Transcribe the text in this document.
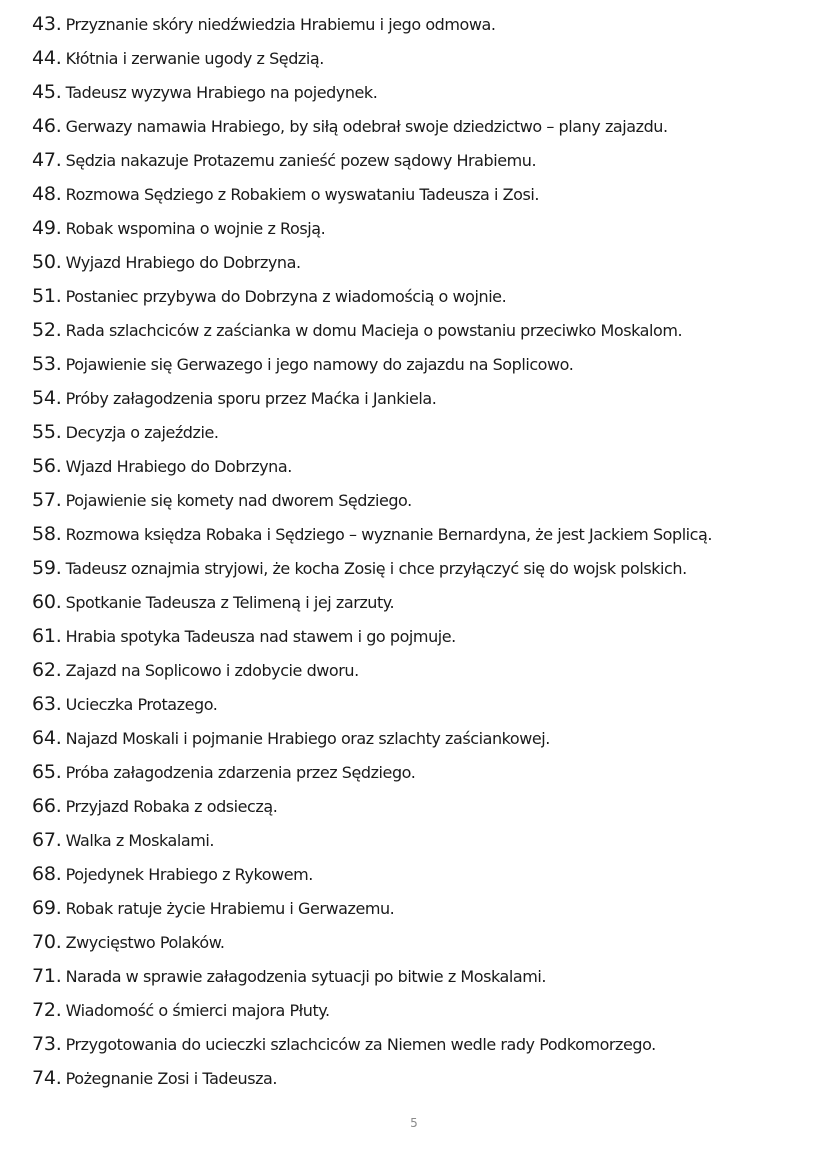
43. Przyznanie skóry niedźwiedzia Hrabiemu i jego odmowa.
44. Kłótnia i zerwanie ugody z Sędzią.
45. Tadeusz wyzywa Hrabiego na pojedynek.
46. Gerwazy namawia Hrabiego, by siłą odebrał swoje dziedzictwo – plany zajazdu.
47. Sędzia nakazuje Protazemu zanieść pozew sądowy Hrabiemu.
48. Rozmowa Sędziego z Robakiem o wyswataniu Tadeusza i Zosi.
49. Robak wspomina o wojnie z Rosją.
50. Wyjazd Hrabiego do Dobrzyna.
51. Postaniec przybywa do Dobrzyna z wiadomością o wojnie.
52. Rada szlachciców z zaścianka w domu Macieja o powstaniu przeciwko Moskalom.
53. Pojawienie się Gerwazego i jego namowy do zajazdu na Soplicowo.
54. Próby załagodzenia sporu przez Maćka i Jankiela.
55. Decyzja o zajeździe.
56. Wjazd Hrabiego do Dobrzyna.
57. Pojawienie się komety nad dworem Sędziego.
58. Rozmowa księdza Robaka i Sędziego – wyznanie Bernardyna, że jest Jackiem Soplicą.
59. Tadeusz oznajmia stryjowi, że kocha Zosię i chce przyłączyć się do wojsk polskich.
60. Spotkanie Tadeusza z Telimeną i jej zarzuty.
61. Hrabia spotyka Tadeusza nad stawem i go pojmuje.
62. Zajazd na Soplicowo i zdobycie dworu.
63. Ucieczka Protazego.
64. Najazd Moskali i pojmanie Hrabiego oraz szlachty zaściankowej.
65. Próba załagodzenia zdarzenia przez Sędziego.
66. Przyjazd Robaka z odsieczą.
67. Walka z Moskalami.
68. Pojedynek Hrabiego z Rykowem.
69. Robak ratuje życie Hrabiemu i Gerwazemu.
70. Zwycięstwo Polaków.
71. Narada w sprawie załagodzenia sytuacji po bitwie z Moskalami.
72. Wiadomość o śmierci majora Płuty.
73. Przygotowania do ucieczki szlachciców za Niemen wedle rady Podkomorzego.
74. Pożegnanie Zosi i Tadeusza.
5
